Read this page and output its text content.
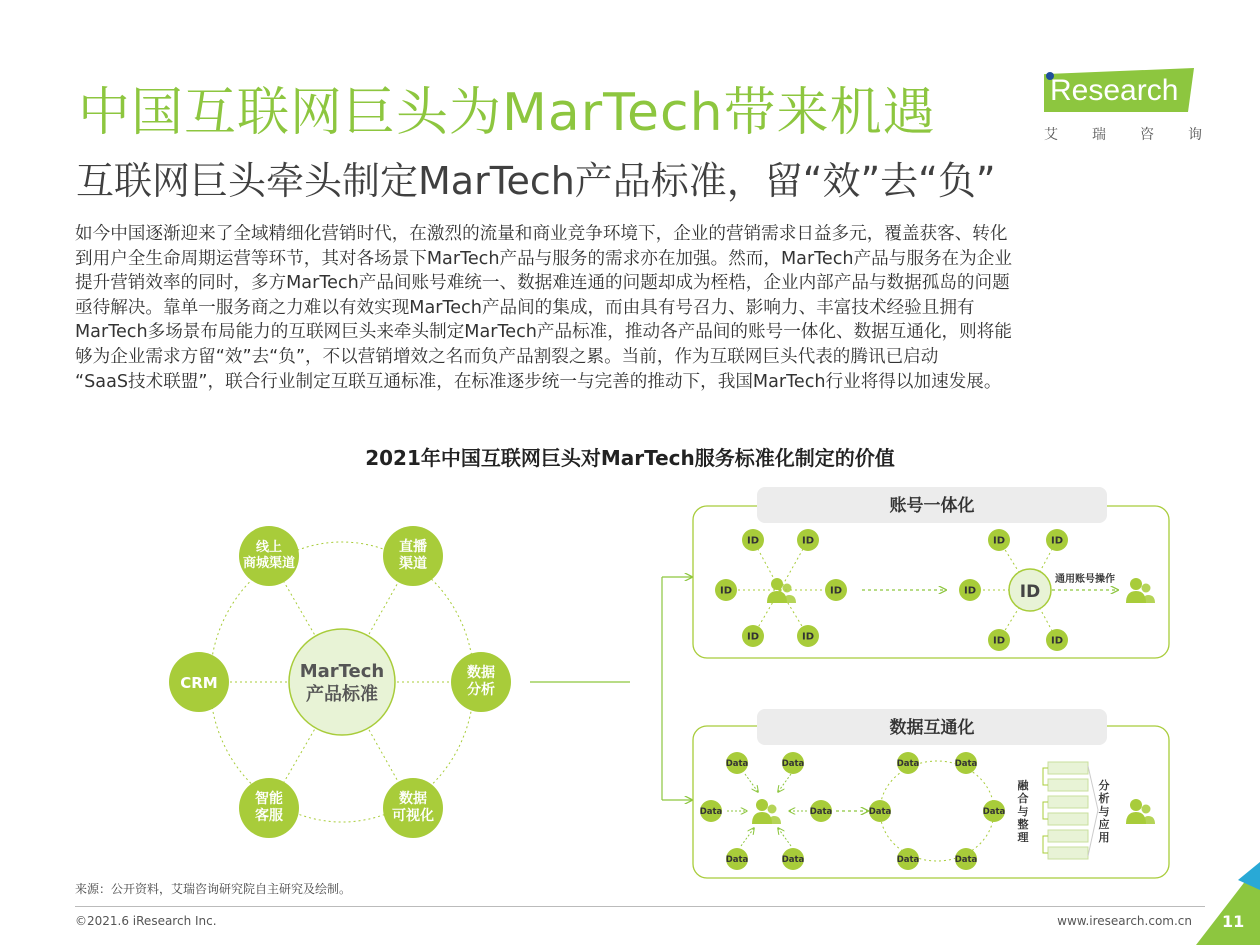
中国互联网巨头为MarTech带来机遇
互联网巨头牵头制定MarTech产品标准，留“效”去“负”
Research
艾 瑞 咨 询

如今中国逐渐迎来了全域精细化营销时代，在激烈的流量和商业竞争环境下，企业的营销需求日益多元，覆盖获客、转化

到用户全生命周期运营等环节，其对各场景下MarTech产品与服务的需求亦在加强。然而，MarTech产品与服务在为企业

提升营销效率的同时，多方MarTech产品间账号难统一、数据难连通的问题却成为桎梏，企业内部产品与数据孤岛的问题

亟待解决。靠单一服务商之力难以有效实现MarTech产品间的集成，而由具有号召力、影响力、丰富技术经验且拥有

MarTech多场景布局能力的互联网巨头来牵头制定MarTech产品标准，推动各产品间的账号一体化、数据互通化，则将能

够为企业需求方留“效”去“负”，不以营销增效之名而负产品割裂之累。当前，作为互联网巨头代表的腾讯已启动

“SaaS技术联盟”，联合行业制定互联互通标准，在标准逐步统一与完善的推动下，我国MarTech行业将得以加速发展。

2021年中国互联网巨头对MarTech服务标准化制定的价值
MarTech
产品标准
线上
商城渠道
直播
渠道
数据
分析
数据
可视化
智能
客服
CRM
账号一体化
ID	ID
ID	ID
ID	ID
ID
通用账号操作
ID	ID
ID
ID	ID
数据互通化
Data	Data
Data	Data
Data	Data
Data	Data
Data	Data
Data	Data
融
合
与
整
理
分
析
与
应
用
来源：公开资料，艾瑞咨询研究院自主研究及绘制。
©2021.6 iResearch Inc.	www.iresearch.com.cn 11
